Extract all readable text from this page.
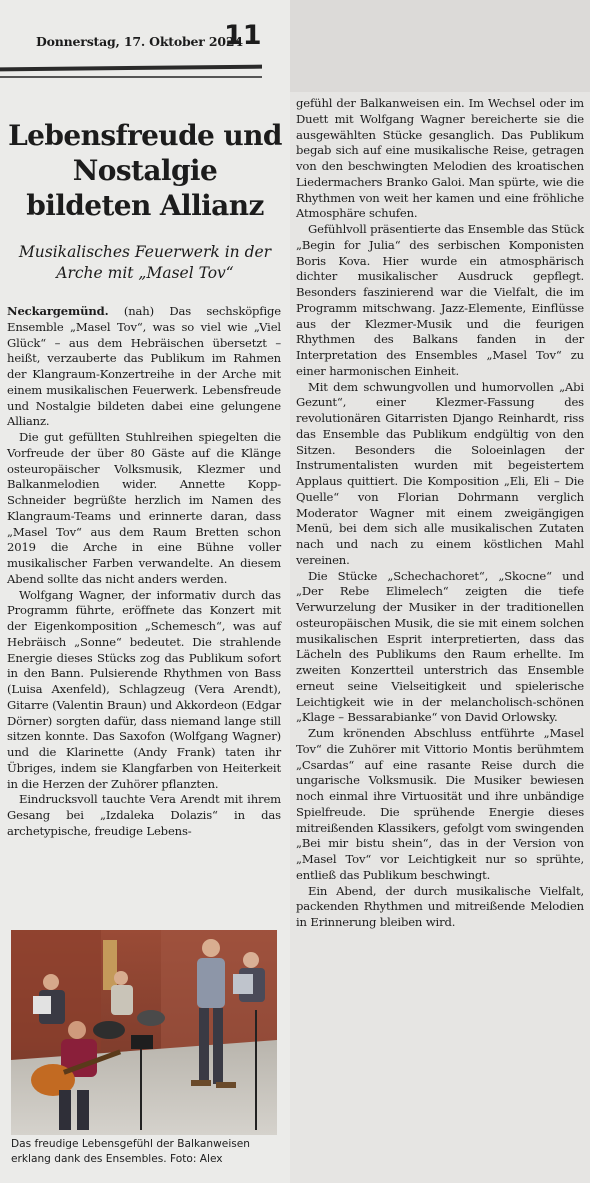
Donnerstag, 17. Oktober 2024
11
Lebensfreude und Nostalgie bildeten Allianz
Musikalisches Feuerwerk in der Arche mit „Masel Tov“

Neckargemünd. (nah) Das sechsköpfige Ensemble „Masel Tov“, was so viel wie „Viel Glück“ – aus dem Hebräischen übersetzt – heißt, verzauberte das Publikum im Rahmen der Klangraum-Konzertreihe in der Arche mit einem musikalischen Feuerwerk. Lebensfreude und Nostalgie bildeten dabei eine gelungene Allianz.

Die gut gefüllten Stuhlreihen spiegelten die Vorfreude der über 80 Gäste auf die Klänge osteuropäischer Volksmusik, Klezmer und Balkanmelodien wider. Annette Kopp-Schneider begrüßte herzlich im Namen des Klangraum-Teams und erinnerte daran, dass „Masel Tov“ aus dem Raum Bretten schon 2019 die Arche in eine Bühne voller musikalischer Farben verwandelte. An diesem Abend sollte das nicht anders werden.

Wolfgang Wagner, der informativ durch das Programm führte, eröffnete das Konzert mit der Eigenkomposition „Schemesch“, was auf Hebräisch „Sonne“ bedeutet. Die strahlende Energie dieses Stücks zog das Publikum sofort in den Bann. Pulsierende Rhythmen von Bass (Luisa Axenfeld), Schlagzeug (Vera Arendt), Gitarre (Valentin Braun) und Akkordeon (Edgar Dörner) sorgten dafür, dass niemand lange still sitzen konnte. Das Saxofon (Wolfgang Wagner) und die Klarinette (Andy Frank) taten ihr Übriges, indem sie Klangfarben von Heiterkeit in die Herzen der Zuhörer pflanzten.

Eindrucksvoll tauchte Vera Arendt mit ihrem Gesang bei „Izdaleka Dolazis“ in das archetypische, freudige Lebens-

Das freudige Lebensgefühl der Balkanweisen erklang dank des Ensembles. Foto: Alex

gefühl der Balkanweisen ein. Im Wechsel oder im Duett mit Wolfgang Wagner bereicherte sie die ausgewählten Stücke gesanglich. Das Publikum begab sich auf eine musikalische Reise, getragen von den beschwingten Melodien des kroatischen Liedermachers Branko Galoi. Man spürte, wie die Rhythmen von weit her kamen und eine fröhliche Atmosphäre schufen.

Gefühlvoll präsentierte das Ensemble das Stück „Begin for Julia“ des serbischen Komponisten Boris Kova. Hier wurde ein atmosphärisch dichter musikalischer Ausdruck gepflegt. Besonders faszinierend war die Vielfalt, die im Programm mitschwang. Jazz-Elemente, Einflüsse aus der Klezmer-Musik und die feurigen Rhythmen des Balkans fanden in der Interpretation des Ensembles „Masel Tov“ zu einer harmonischen Einheit.

Mit dem schwungvollen und humorvollen „Abi Gezunt“, einer Klezmer-Fassung des revolutionären Gitarristen Django Reinhardt, riss das Ensemble das Publikum endgültig von den Sitzen. Besonders die Soloeinlagen der Instrumentalisten wurden mit begeistertem Applaus quittiert. Die Komposition „Eli, Eli – Die Quelle“ von Florian Dohrmann verglich Moderator Wagner mit einem zweigängigen Menü, bei dem sich alle musikalischen Zutaten nach und nach zu einem köstlichen Mahl vereinen.

Die Stücke „Schechachoret“, „Skocne“ und „Der Rebe Elimelech“ zeigten die tiefe Verwurzelung der Musiker in der traditionellen osteuropäischen Musik, die sie mit einem solchen musikalischen Esprit interpretierten, dass das Lächeln des Publikums den Raum erhellte. Im zweiten Konzertteil unterstrich das Ensemble erneut seine Vielseitigkeit und spielerische Leichtigkeit wie in der melancholisch-schönen „Klage – Bessarabianke“ von David Orlowsky.

Zum krönenden Abschluss entführte „Masel Tov“ die Zuhörer mit Vittorio Montis berühmtem „Csardas“ auf eine rasante Reise durch die ungarische Volksmusik. Die Musiker bewiesen noch einmal ihre Virtuosität und ihre unbändige Spielfreude. Die sprühende Energie dieses mitreißenden Klassikers, gefolgt vom swingenden „Bei mir bistu shein“, das in der Version von „Masel Tov“ vor Leichtigkeit nur so sprühte, entließ das Publikum beschwingt.

Ein Abend, der durch musikalische Vielfalt, packenden Rhythmen und mitreißende Melodien in Erinnerung bleiben wird.
